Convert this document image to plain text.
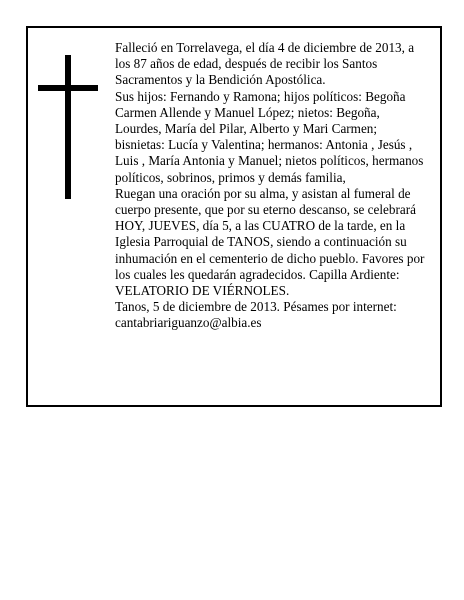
Falleció en Torrelavega, el día 4 de diciembre de 2013, a los 87 años de edad, después de recibir los Santos Sacramentos y la Bendición Apostólica.

Sus hijos: Fernando y Ramona; hijos políticos: Begoña Carmen Allende y Manuel López; nietos: Begoña, Lourdes, María del Pilar, Alberto y Mari Carmen; bisnietas: Lucía y Valentina; hermanos: Antonia , Jesús , Luis , María Antonia y Manuel; nietos políticos, hermanos políticos, sobrinos, primos y demás familia,

Ruegan una oración por su alma, y asistan al fumeral de cuerpo presente, que por su eterno descanso, se celebrará HOY, JUEVES, día 5, a las CUATRO de la tarde, en la Iglesia Parroquial de TANOS, siendo a continuación su inhumación en el cementerio de dicho pueblo. Favores por los cuales les quedarán agradecidos. Capilla Ardiente: VELATORIO DE VIÉRNOLES.

Tanos, 5 de diciembre de 2013. Pésames por internet: cantabriariguanzo@albia.es
